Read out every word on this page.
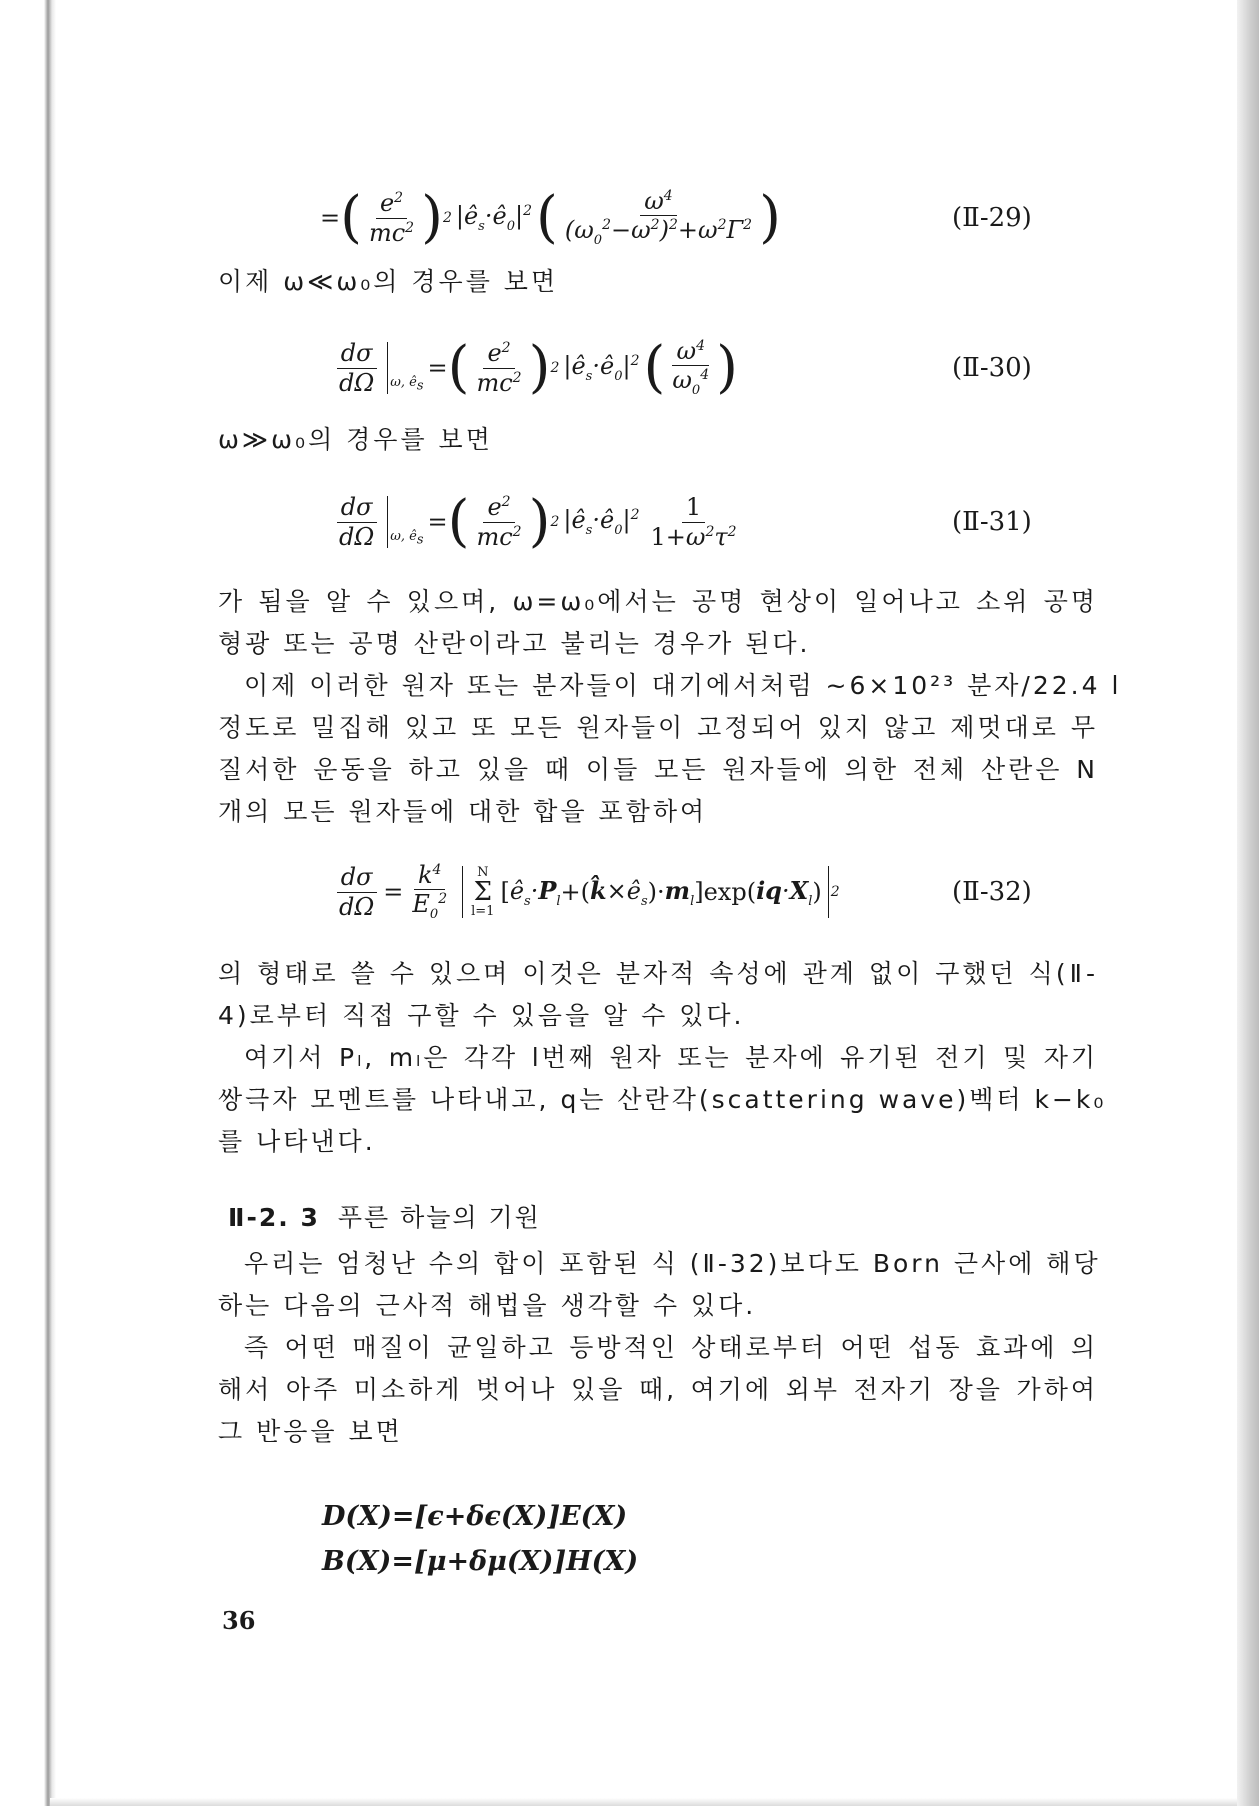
= ( $\frac{e^2}{mc^2}$ ) 2 $|ê_s\cdot ê_0|^2$ ( $\frac{\omega^4}{(\omega_0^2-\omega^2)^2+\omega^2\Gamma^2}$ )	(Ⅱ-29)
이제 ω≪ω₀의 경우를 보면
$\frac{d\sigma}{d\Omega} \omega$, ês
= ( $\frac{e^2}{mc^2}$ ) 2 $|ê_s\cdot ê_0|^2$ ( $\frac{\omega^4}{\omega_0^4}$ )	(Ⅱ-30)
ω≫ω₀의 경우를 보면
$\frac{d\sigma}{d\Omega} \omega$, ês
= ( $\frac{e^2}{mc^2}$ ) 2 $|ê_s\cdot ê_0|^2 \frac{1}{1+\omega^2\tau^2}$	(Ⅱ-31)
가 됨을 알 수 있으며, ω=ω₀에서는 공명 현상이 일어나고 소위 공명
형광 또는 공명 산란이라고 불리는 경우가 된다.
이제 이러한 원자 또는 분자들이 대기에서처럼 ~6×10²³ 분자/22.4 l
정도로 밀집해 있고 또 모든 원자들이 고정되어 있지 않고 제멋대로 무
질서한 운동을 하고 있을 때 이들 모든 원자들에 의한 전체 산란은 N
개의 모든 원자들에 대한 합을 포함하여
$\frac{d\sigma}{d\Omega} = \frac{k^4}{E_0^2}$ N
Σ
l=1
[ $ê_s\cdot P_l$ +( $k̂\times ê_s$ )· $m_l$ ]exp( $iq\cdot X_l$ ) 2	(Ⅱ-32)
의 형태로 쓸 수 있으며 이것은 분자적 속성에 관계 없이 구했던 식(Ⅱ-
4)로부터 직접 구할 수 있음을 알 수 있다.
여기서 Pₗ, mₗ은 각각 l번째 원자 또는 분자에 유기된 전기 및 자기
쌍극자 모멘트를 나타내고, q는 산란각(scattering wave)벡터 k−k₀
를 나타낸다.
Ⅱ-2. 3 푸른 하늘의 기원
우리는 엄청난 수의 합이 포함된 식 (Ⅱ-32)보다도 Born 근사에 해당
하는 다음의 근사적 해법을 생각할 수 있다.
즉 어떤 매질이 균일하고 등방적인 상태로부터 어떤 섭동 효과에 의
해서 아주 미소하게 벗어나 있을 때, 여기에 외부 전자기 장을 가하여
그 반응을 보면
D(X)=[ϵ+δϵ(X)]E(X)
B(X)=[μ+δμ(X)]H(X)
36
